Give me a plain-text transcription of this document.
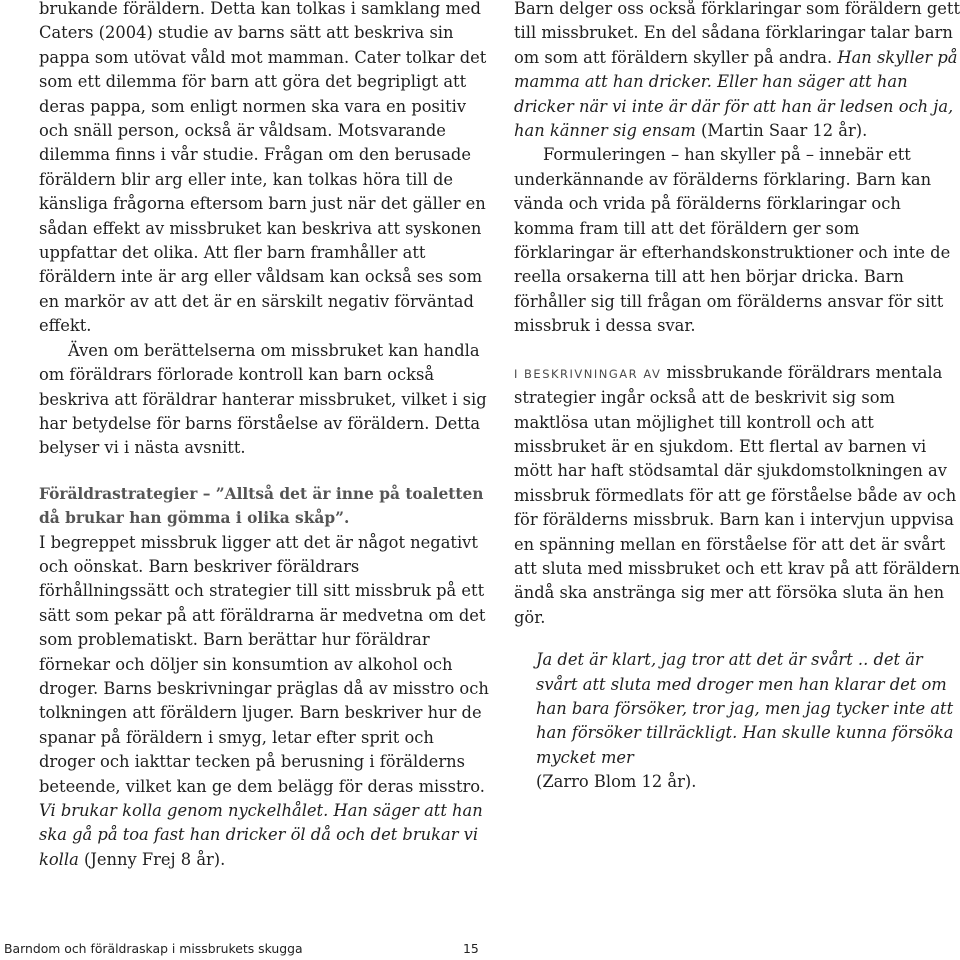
brukande föräldern. Detta kan tolkas i samklang med Caters (2004) studie av barns sätt att beskriva sin pappa som utövat våld mot mamman. Cater tolkar det som ett dilemma för barn att göra det begripligt att deras pappa, som enligt normen ska vara en positiv och snäll person, också är våldsam. Motsvarande dilemma finns i vår studie. Frågan om den berusade föräldern blir arg eller inte, kan tolkas höra till de känsliga frågorna eftersom barn just när det gäller en sådan effekt av missbruket kan beskriva att syskonen uppfattar det olika. Att fler barn framhåller att föräldern inte är arg eller våldsam kan också ses som en markör av att det är en särskilt negativ förväntad effekt.

Även om berättelserna om missbruket kan handla om föräldrars förlorade kontroll kan barn också beskriva att föräldrar hanterar missbruket, vilket i sig har betydelse för barns förståelse av föräldern. Detta belyser vi i nästa avsnitt.

Föräldrastrategier – ”Alltså det är inne på toaletten då brukar han gömma i olika skåp”.

I begreppet missbruk ligger att det är något negativt och oönskat. Barn beskriver föräldrars förhållningssätt och strategier till sitt missbruk på ett sätt som pekar på att föräldrarna är medvetna om det som problematiskt. Barn berättar hur föräldrar förnekar och döljer sin konsumtion av alkohol och droger. Barns beskrivningar präglas då av misstro och tolkningen att föräldern ljuger. Barn beskriver hur de spanar på föräldern i smyg, letar efter sprit och droger och iakttar tecken på berusning i förälderns beteende, vilket kan ge dem belägg för deras misstro. Vi brukar kolla genom nyckelhålet. Han säger att han ska gå på toa fast han dricker öl då och det brukar vi kolla (Jenny Frej 8 år).

Barn delger oss också förklaringar som föräldern gett till missbruket. En del sådana förklaringar talar barn om som att föräldern skyller på andra. Han skyller på mamma att han dricker. Eller han säger att han dricker när vi inte är där för att han är ledsen och ja, han känner sig ensam (Martin Saar 12 år).

Formuleringen – han skyller på – innebär ett underkännande av förälderns förklaring. Barn kan vända och vrida på förälderns förklaringar och komma fram till att det föräldern ger som förklaringar är efterhandskonstruktioner och inte de reella orsakerna till att hen börjar dricka. Barn förhåller sig till frågan om förälderns ansvar för sitt missbruk i dessa svar.

I BESKRIVNINGAR AV missbrukande föräldrars mentala strategier ingår också att de beskrivit sig som maktlösa utan möjlighet till kontroll och att missbruket är en sjukdom. Ett flertal av barnen vi mött har haft stödsamtal där sjukdomstolkningen av missbruk förmedlats för att ge förståelse både av och för förälderns missbruk. Barn kan i intervjun uppvisa en spänning mellan en förståelse för att det är svårt att sluta med missbruket och ett krav på att föräldern ändå ska anstränga sig mer att försöka sluta än hen gör.

Ja det är klart, jag tror att det är svårt .. det är svårt att sluta med droger men han klarar det om han bara försöker, tror jag, men jag tycker inte att han försöker tillräckligt. Han skulle kunna försöka mycket mer
(Zarro Blom 12 år).

Barndom och föräldraskap i missbrukets skugga	15
